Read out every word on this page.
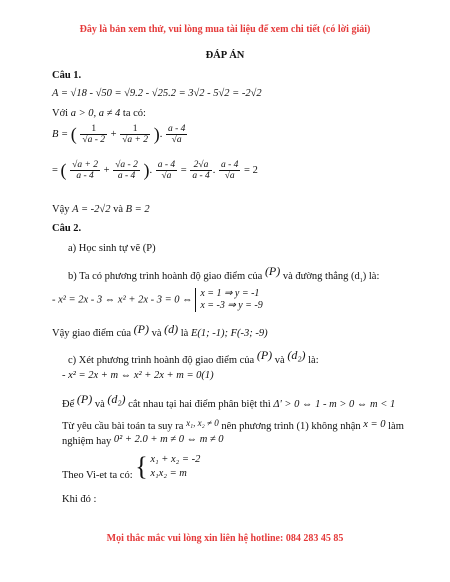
Đây là bản xem thử, vui lòng mua tài liệu để xem chi tiết (có lời giải)
ĐÁP ÁN
Câu 1.
A = √18 - √50 = √9.2 - √25.2 = 3√2 - 5√2 = -2√2
Với a > 0, a ≠ 4 ta có:
B = ( $\frac{1}{√a - 2} + \frac{1}{√a + 2}$ ). $\frac{a - 4}{√a}$
= ( $\frac{√a + 2}{a - 4} + \frac{√a - 2}{a - 4}$ ). $\frac{a - 4}{√a} = \frac{2√a}{a - 4}$ . $\frac{a - 4}{√a} = 2$
Vậy A = -2√2 và B = 2
Câu 2.
a) Học sinh tự vẽ (P)
b) Ta có phương trình hoành độ giao điểm của (P) và đường thẳng $(d_1)$ là:
- x² = 2x - 3 ⇔ x² + 2x - 3 = 0 ⇔
x = 1 ⇒ y = -1
x = -3 ⇒ y = -9
Vậy giao điểm của (P) và (d) là E(1; -1); F(-3; -9)
c) Xét phương trình hoành độ giao điểm của (P) và (d₂) là:
- x² = 2x + m ⇔ x² + 2x + m = 0(1)
Để (P) và (d₂) cắt nhau tại hai điểm phân biệt thì Δ' > 0 ⇔ 1 - m > 0 ⇔ m < 1
Từ yêu cầu bài toán ta suy ra x₁, x₂ ≠ 0 nên phương trình (1) không nhận x = 0 làm
nghiệm hay 0² + 2.0 + m ≠ 0 ⇔ m ≠ 0
Theo Vi-et ta có: { x₁ + x₂ = -2
x₁x₂ = m
Khi đó :
Mọi thắc mắc vui lòng xin liên hệ hotline: 084 283 45 85
